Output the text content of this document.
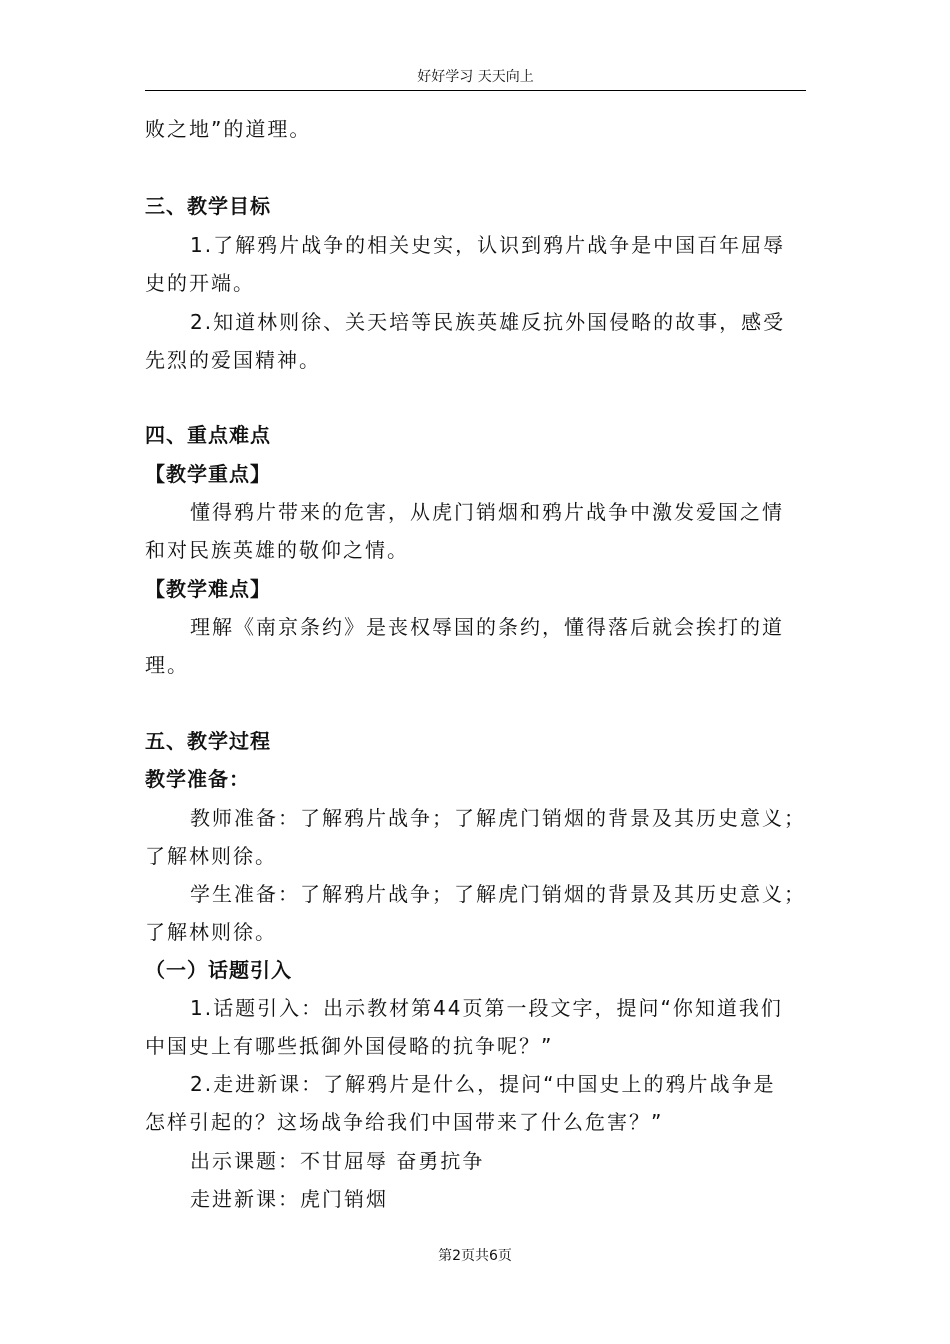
好好学习 天天向上
败之地”的道理。
三、教学目标
1.了解鸦片战争的相关史实，认识到鸦片战争是中国百年屈辱
史的开端。
2.知道林则徐、关天培等民族英雄反抗外国侵略的故事，感受
先烈的爱国精神。
四、重点难点
【教学重点】
懂得鸦片带来的危害，从虎门销烟和鸦片战争中激发爱国之情
和对民族英雄的敬仰之情。
【教学难点】
理解《南京条约》是丧权辱国的条约，懂得落后就会挨打的道
理。
五、教学过程
教学准备：
教师准备：了解鸦片战争；了解虎门销烟的背景及其历史意义；
了解林则徐。
学生准备：了解鸦片战争；了解虎门销烟的背景及其历史意义；
了解林则徐。
（一）话题引入
1.话题引入：出示教材第44页第一段文字，提问“你知道我们
中国史上有哪些抵御外国侵略的抗争呢？”
2.走进新课：了解鸦片是什么，提问“中国史上的鸦片战争是
怎样引起的？这场战争给我们中国带来了什么危害？”
出示课题：不甘屈辱 奋勇抗争
走进新课：虎门销烟
第2页共6页
